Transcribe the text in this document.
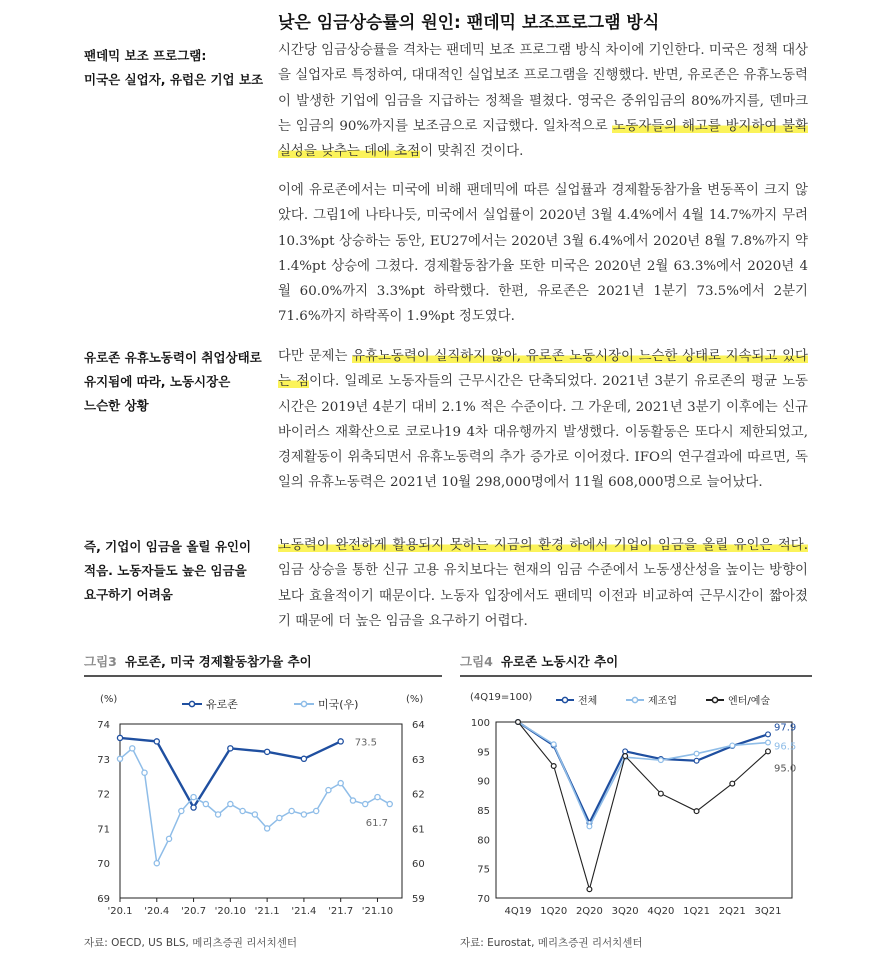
낮은 임금상승률의 원인: 팬데믹 보조프로그램 방식
팬데믹 보조 프로그램:
미국은 실업자, 유럽은 기업 보조
시간당 임금상승률을 격차는 팬데믹 보조 프로그램 방식 차이에 기인한다. 미국은 정책 대상을 실업자로 특정하여, 대대적인 실업보조 프로그램을 진행했다. 반면, 유로존은 유휴노동력이 발생한 기업에 임금을 지급하는 정책을 펼쳤다. 영국은 중위임금의 80%까지를, 덴마크는 임금의 90%까지를 보조금으로 지급했다. 일차적으로 노동자들의 해고를 방지하여 불확실성을 낮추는 데에 초점이 맞춰진 것이다.
이에 유로존에서는 미국에 비해 팬데믹에 따른 실업률과 경제활동참가율 변동폭이 크지 않았다. 그림1에 나타나듯, 미국에서 실업률이 2020년 3월 4.4%에서 4월 14.7%까지 무려 10.3%pt 상승하는 동안, EU27에서는 2020년 3월 6.4%에서 2020년 8월 7.8%까지 약 1.4%pt 상승에 그쳤다. 경제활동참가율 또한 미국은 2020년 2월 63.3%에서 2020년 4월 60.0%까지 3.3%pt 하락했다. 한편, 유로존은 2021년 1분기 73.5%에서 2분기 71.6%까지 하락폭이 1.9%pt 정도였다.
유로존 유휴노동력이 취업상태로
유지됨에 따라, 노동시장은
느슨한 상황
다만 문제는 유휴노동력이 실직하지 않아, 유로존 노동시장이 느슨한 상태로 지속되고 있다는 점이다. 일례로 노동자들의 근무시간은 단축되었다. 2021년 3분기 유로존의 평균 노동시간은 2019년 4분기 대비 2.1% 적은 수준이다. 그 가운데, 2021년 3분기 이후에는 신규 바이러스 재확산으로 코로나19 4차 대유행까지 발생했다. 이동활동은 또다시 제한되었고, 경제활동이 위축되면서 유휴노동력의 추가 증가로 이어졌다. IFO의 연구결과에 따르면, 독일의 유휴노동력은 2021년 10월 298,000명에서 11월 608,000명으로 늘어났다.
즉, 기업이 임금을 올릴 유인이
적음. 노동자들도 높은 임금을
요구하기 어려움
노동력이 완전하게 활용되지 못하는 지금의 환경 하에서 기업이 임금을 올릴 유인은 적다. 임금 상승을 통한 신규 고용 유치보다는 현재의 임금 수준에서 노동생산성을 높이는 방향이 보다 효율적이기 때문이다. 노동자 입장에서도 팬데믹 이전과 비교하여 근무시간이 짧아졌기 때문에 더 높은 임금을 요구하기 어렵다.
그림3 유로존, 미국 경제활동참가율 추이
(%)	(%)
74
73
72
71
70
69
64
63
62
61
60
59
'20.1 '20.4 '20.7 '20.10 '21.1 '21.4 '21.7 '21.10
유로존	미국(우)
73.5
61.7
자료: OECD, US BLS, 메리츠증권 리서치센터
그림4 유로존 노동시간 추이
(4Q19=100)
100
95
90
85
80
75
70
4Q19 1Q20 2Q20 3Q20 4Q20 1Q21 2Q21 3Q21
전체	제조업	엔터/예술
97.9
96.5
95.0
자료: Eurostat, 메리츠증권 리서치센터
